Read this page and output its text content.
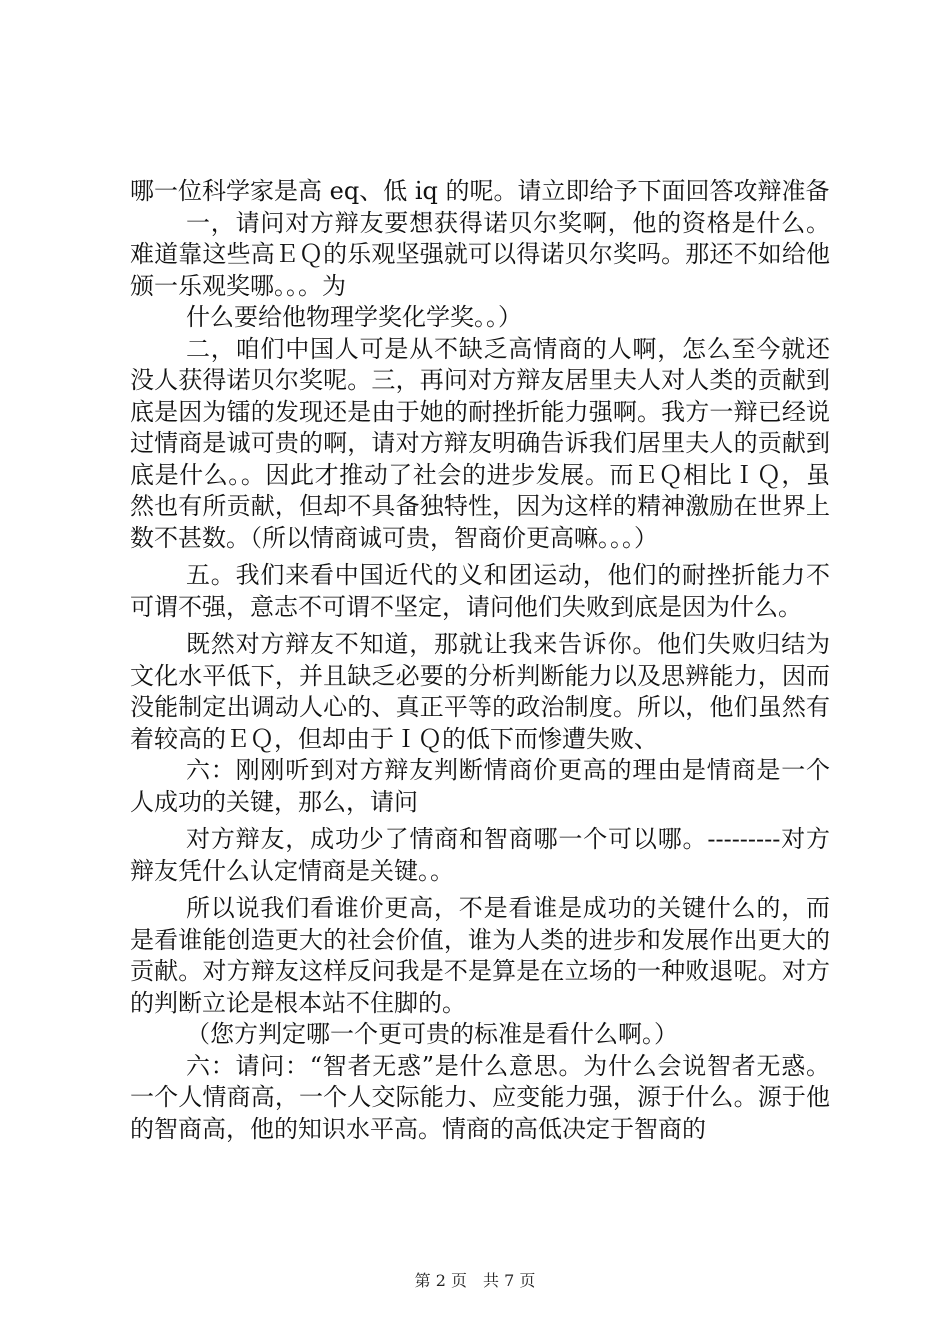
哪一位科学家是高 eq、低 iq 的呢。请立即给予下面回答攻辩准备

一，请问对方辩友要想获得诺贝尔奖啊，他的资格是什么。难道靠这些高ＥＱ的乐观坚强就可以得诺贝尔奖吗。那还不如给他颁一乐观奖哪。。。为

什么要给他物理学奖化学奖。。）

二，咱们中国人可是从不缺乏高情商的人啊，怎么至今就还没人获得诺贝尔奖呢。三，再问对方辩友居里夫人对人类的贡献到底是因为镭的发现还是由于她的耐挫折能力强啊。我方一辩已经说过情商是诚可贵的啊，请对方辩友明确告诉我们居里夫人的贡献到底是什么。。因此才推动了社会的进步发展。而ＥＱ相比ＩＱ，虽然也有所贡献，但却不具备独特性，因为这样的精神激励在世界上数不甚数。（所以情商诚可贵，智商价更高嘛。。。）

五。我们来看中国近代的义和团运动，他们的耐挫折能力不可谓不强，意志不可谓不坚定，请问他们失败到底是因为什么。

既然对方辩友不知道，那就让我来告诉你。他们失败归结为文化水平低下，并且缺乏必要的分析判断能力以及思辨能力，因而没能制定出调动人心的、真正平等的政治制度。所以，他们虽然有着较高的ＥＱ，但却由于ＩＱ的低下而惨遭失败、

六：刚刚听到对方辩友判断情商价更高的理由是情商是一个人成功的关键，那么，请问

对方辩友，成功少了情商和智商哪一个可以哪。---------对方辩友凭什么认定情商是关键。。

所以说我们看谁价更高，不是看谁是成功的关键什么的，而是看谁能创造更大的社会价值，谁为人类的进步和发展作出更大的贡献。对方辩友这样反问我是不是算是在立场的一种败退呢。对方的判断立论是根本站不住脚的。

（您方判定哪一个更可贵的标准是看什么啊。）

六：请问：“智者无惑”是什么意思。为什么会说智者无惑。一个人情商高，一个人交际能力、应变能力强，源于什么。源于他的智商高，他的知识水平高。情商的高低决定于智商的

第 2 页　共 7 页
